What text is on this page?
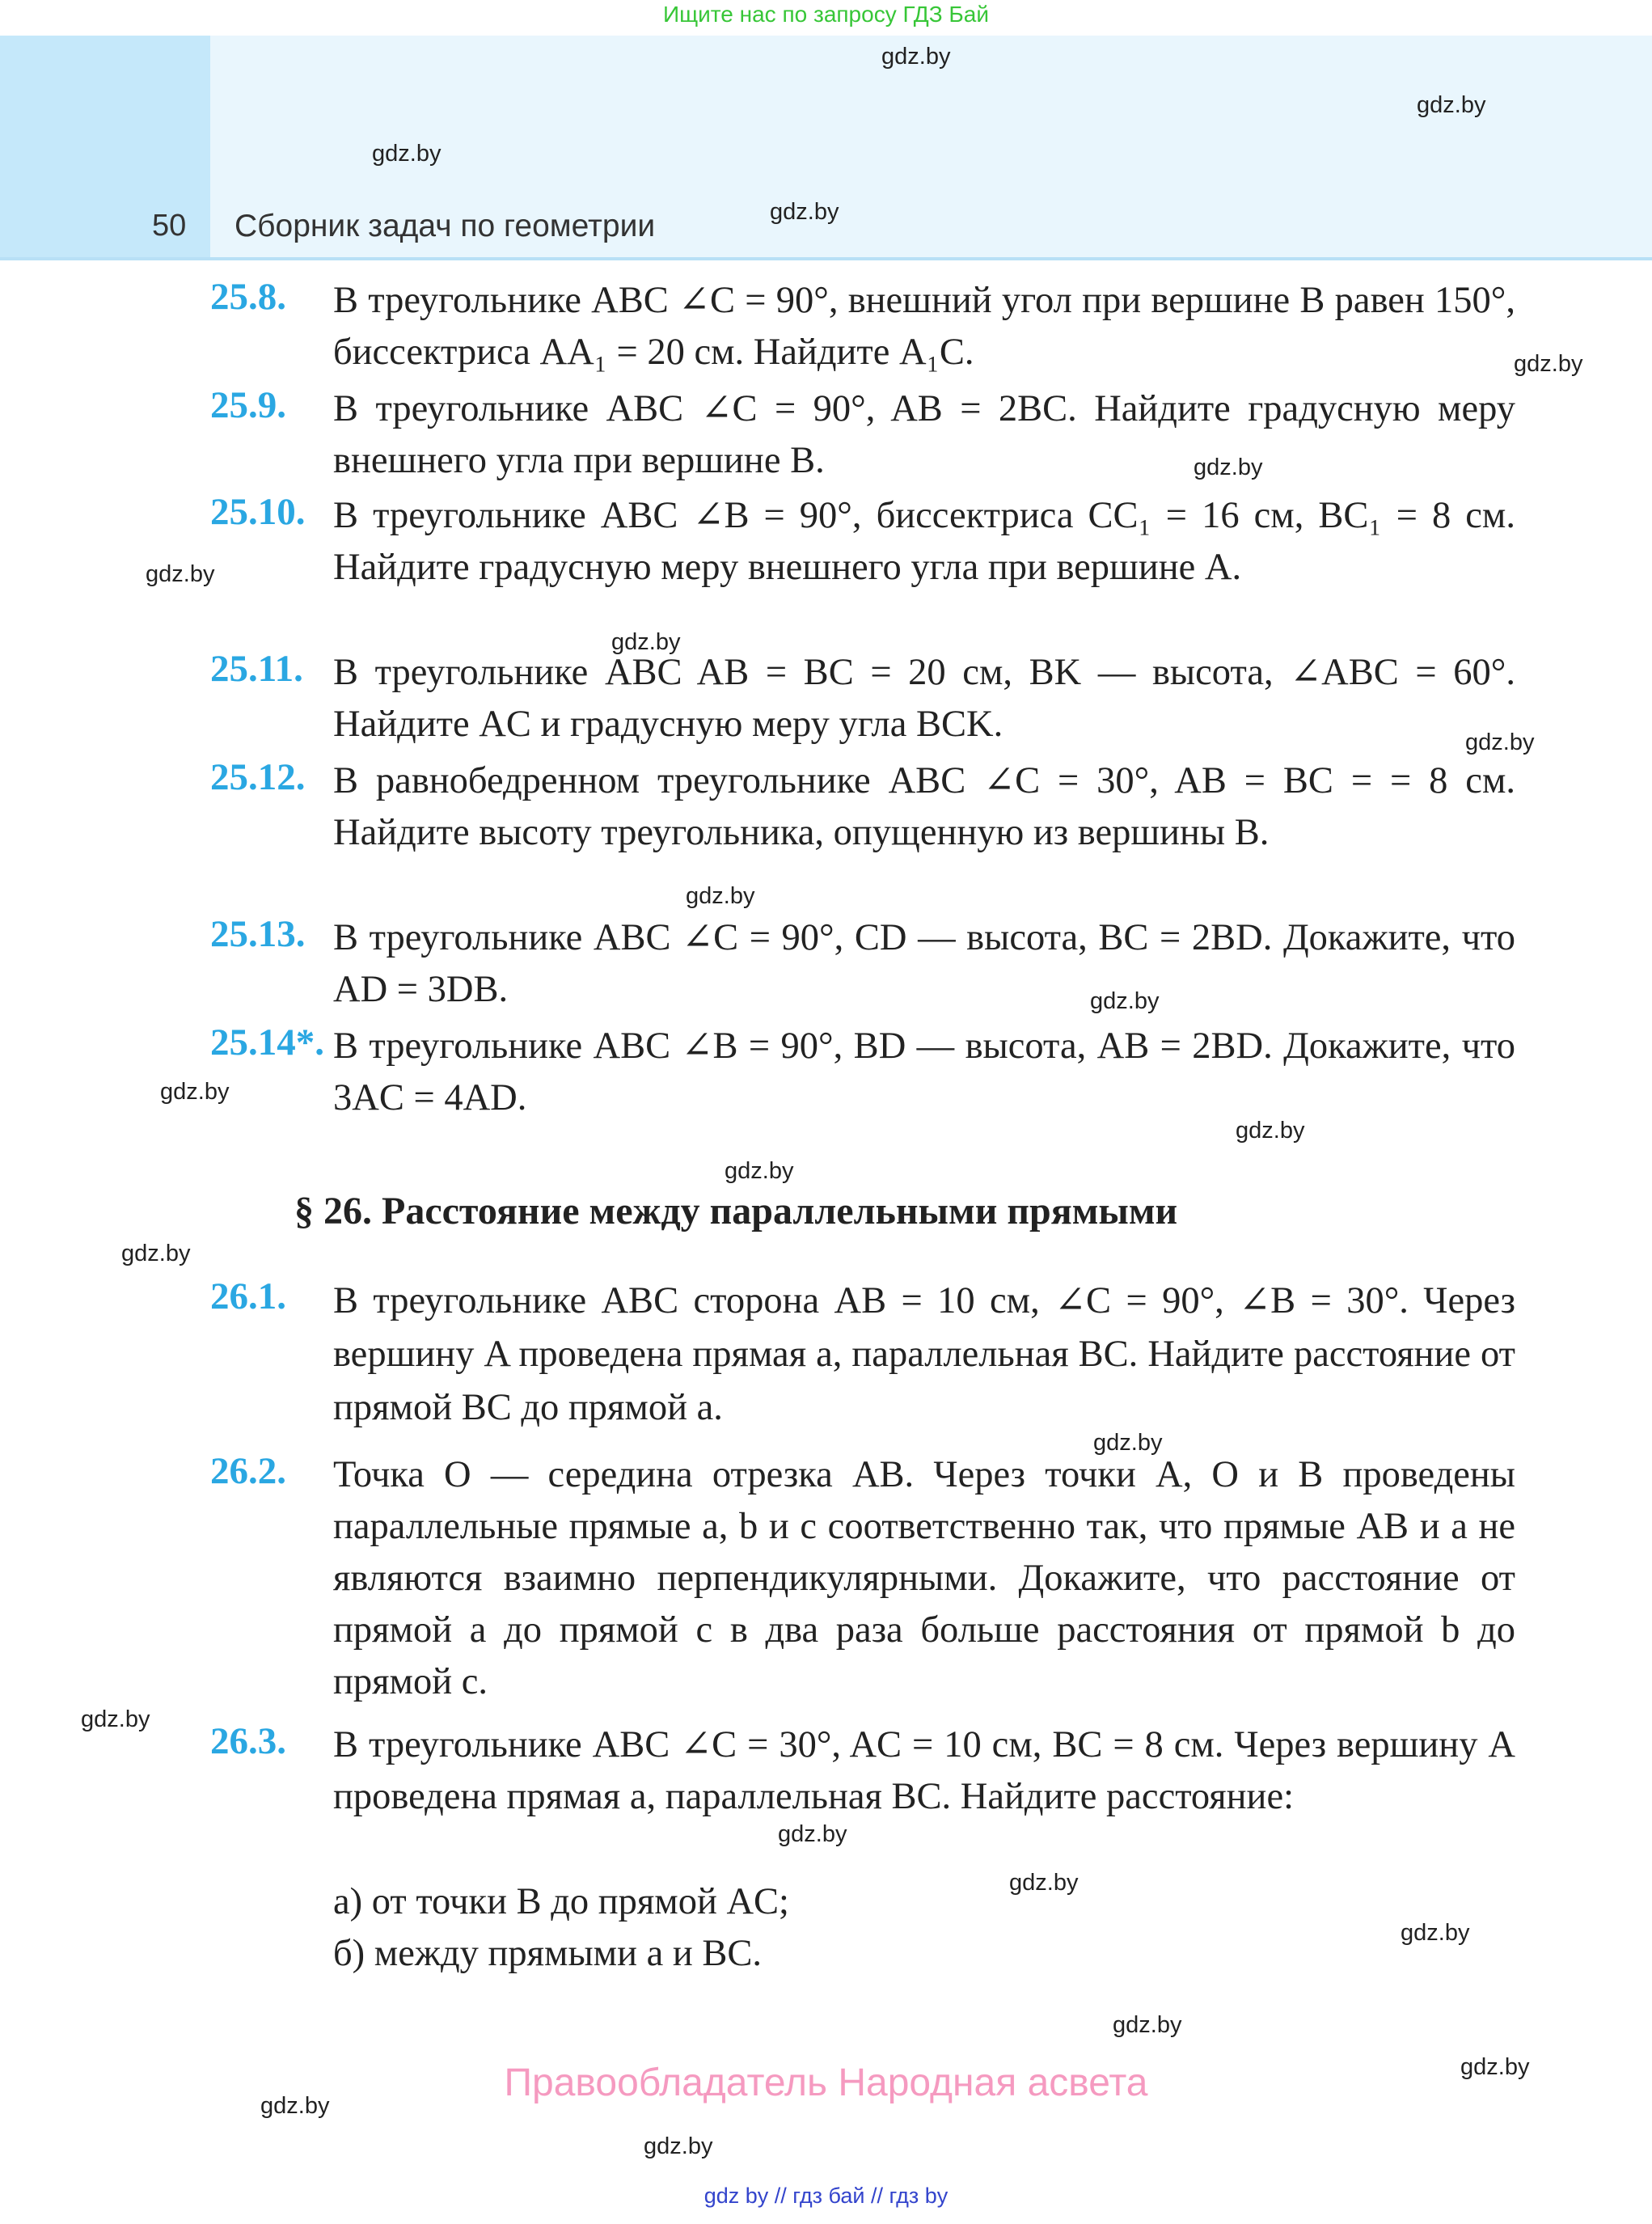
Ищите нас по запросу ГДЗ Бай
50 Сборник задач по геометрии
gdz.by
gdz.by
gdz.by
gdz.by
gdz.by
gdz.by
gdz.by
gdz.by
gdz.by
gdz.by
gdz.by
gdz.by
gdz.by
gdz.by
gdz.by
gdz.by
gdz.by
gdz.by
gdz.by
gdz.by
gdz.by
gdz.by
gdz.by
gdz.by
25.8. В треугольнике ABC ∠C = 90°, внешний угол при вершине B равен 150°, биссектриса AA₁ = 20 см. Найдите A₁C.
25.9. В треугольнике ABC ∠C = 90°, AB = 2BC. Найдите градусную меру внешнего угла при вершине B.
25.10. В треугольнике ABC ∠B = 90°, биссектриса CC₁ = 16 см, BC₁ = 8 см. Найдите градусную меру внешнего угла при вершине A.
25.11. В треугольнике ABC AB = BC = 20 см, BK — высота, ∠ABC = 60°. Найдите AC и градусную меру угла BCK.
25.12. В равнобедренном треугольнике ABC ∠C = 30°, AB = BC = = 8 см. Найдите высоту треугольника, опущенную из вершины B.
25.13. В треугольнике ABC ∠C = 90°, CD — высота, BC = 2BD. Докажите, что AD = 3DB.
25.14*. В треугольнике ABC ∠B = 90°, BD — высота, AB = 2BD. Докажите, что 3AC = 4AD.
§ 26. Расстояние между параллельными прямыми
26.1. В треугольнике ABC сторона AB = 10 см, ∠C = 90°, ∠B = 30°. Через вершину A проведена прямая a, параллельная BC. Найдите расстояние от прямой BC до прямой a.
26.2. Точка O — середина отрезка AB. Через точки A, O и B проведены параллельные прямые a, b и c соответственно так, что прямые AB и a не являются взаимно перпендикулярными. Докажите, что расстояние от прямой a до прямой c в два раза больше расстояния от прямой b до прямой c.
26.3. В треугольнике ABC ∠C = 30°, AC = 10 см, BC = 8 см. Через вершину A проведена прямая a, параллельная BC. Найдите расстояние:
а) от точки B до прямой AC;
б) между прямыми a и BC.
Правообладатель Народная асвета
gdz by // гдз бай // гдз by
